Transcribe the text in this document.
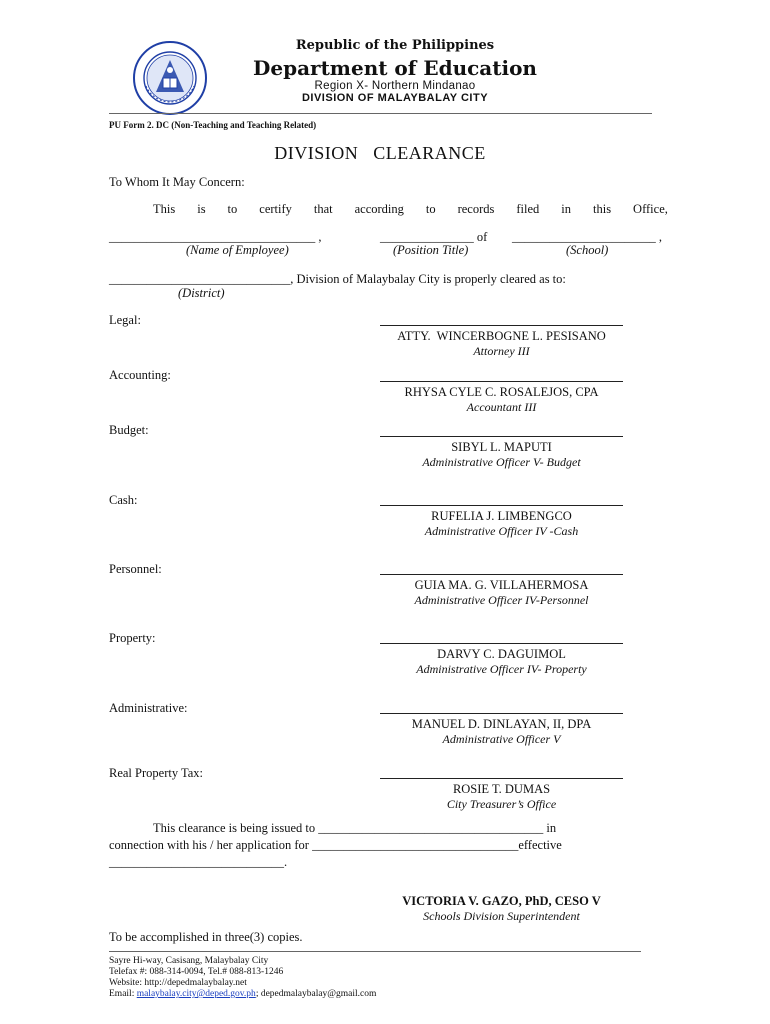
Republic of the Philippines
Department of Education
Region X- Northern Mindanao
DIVISION OF MALAYBALAY CITY
PU Form 2. DC (Non-Teaching and Teaching Related)
DIVISION   CLEARANCE
To Whom It May Concern:
This is to certify that according to records filed in this Office,
_________________________________ ,	_______________ of _______________________ ,
(Name of Employee)	(Position Title)	(School)
_____________________________, Division of Malaybalay City is properly cleared as to:
(District)
Legal:
ATTY.  WINCERBOGNE L. PESISANO
Attorney III
Accounting:
RHYSA CYLE C. ROSALEJOS, CPA
Accountant III
Budget:
SIBYL L. MAPUTI
Administrative Officer V- Budget
Cash:
RUFELIA J. LIMBENGCO
Administrative Officer IV -Cash
Personnel:
GUIA MA. G. VILLAHERMOSA
Administrative Officer IV-Personnel
Property:
DARVY C. DAGUIMOL
Administrative Officer IV- Property
Administrative:
MANUEL D. DINLAYAN, II, DPA
Administrative Officer V
Real Property Tax:
ROSIE T. DUMAS
City Treasurer’s Office
This clearance is being issued to ____________________________________ in
connection with his / her application for _________________________________effective
____________________________.
VICTORIA V. GAZO, PhD, CESO V
Schools Division Superintendent
To be accomplished in three(3) copies.
Sayre Hi-way, Casisang, Malaybalay City
Telefax #: 088-314-0094, Tel.# 088-813-1246
Website: http://depedmalaybalay.net
Email: malaybalay.city@deped.gov.ph; depedmalaybalay@gmail.com
